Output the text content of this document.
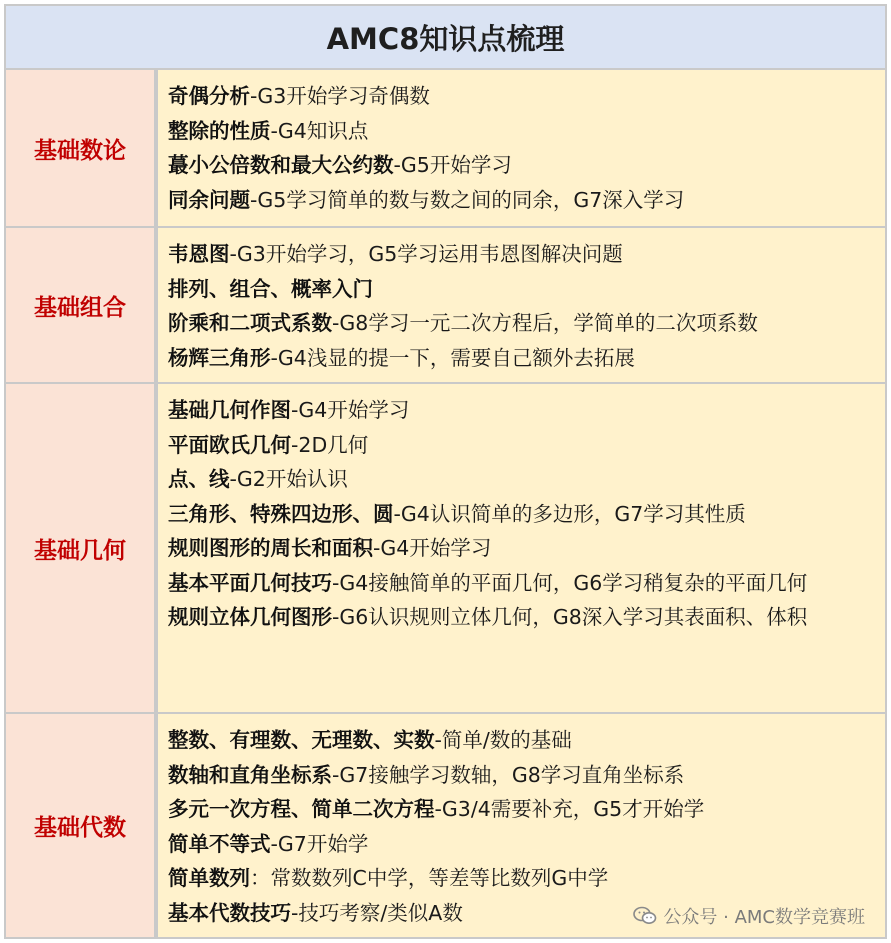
AMC8知识点梳理
基础数论

奇偶分析-G3开始学习奇偶数

整除的性质-G4知识点

蕞小公倍数和最大公约数-G5开始学习

同余问题-G5学习简单的数与数之间的同余，G7深入学习

基础组合

韦恩图-G3开始学习，G5学习运用韦恩图解决问题

排列、组合、概率入门

阶乘和二项式系数-G8学习一元二次方程后，学简单的二次项系数

杨辉三角形-G4浅显的提一下，需要自己额外去拓展

基础几何

基础几何作图-G4开始学习

平面欧氏几何-2D几何

点、线-G2开始认识

三角形、特殊四边形、圆-G4认识简单的多边形，G7学习其性质

规则图形的周长和面积-G4开始学习

基本平面几何技巧-G4接触简单的平面几何，G6学习稍复杂的平面几何

规则立体几何图形-G6认识规则立体几何，G8深入学习其表面积、体积

基础代数

整数、有理数、无理数、实数-简单/数的基础

数轴和直角坐标系-G7接触学习数轴，G8学习直角坐标系

多元一次方程、简单二次方程-G3/4需要补充，G5才开始学

简单不等式-G7开始学

简单数列：常数数列C中学，等差等比数列G中学

基本代数技巧-技巧考察/类似A数	公众号 · AMC数学竞赛班
